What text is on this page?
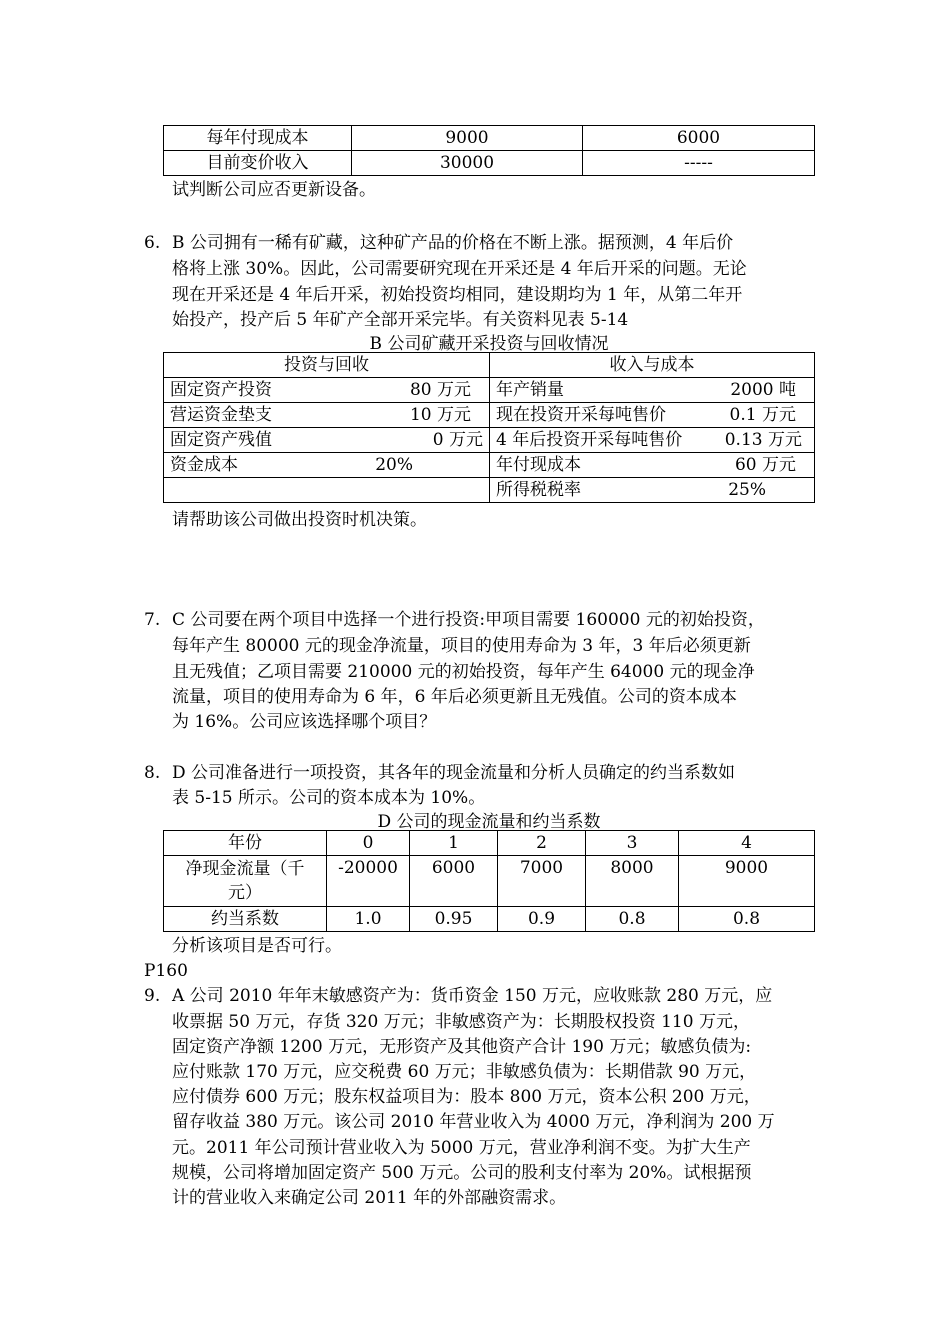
每年付现成本	9000	6000
目前变价收入	30000	-----
试判断公司应否更新设备。
6. B 公司拥有一稀有矿藏，这种矿产品的价格在不断上涨。据预测，4 年后价
格将上涨 30%。因此，公司需要研究现在开采还是 4 年后开采的问题。无论
现在开采还是 4 年后开采，初始投资均相同，建设期均为 1 年，从第二年开
始投产，投产后 5 年矿产全部开采完毕。有关资料见表 5-14
B 公司矿藏开采投资与回收情况
投资与回收	收入与成本

固定资产投资 80 万元	年产销量 2000 吨

营运资金垫支 10 万元	现在投资开采每吨售价 0.1 万元

固定资产残值 0 万元	4 年后投资开采每吨售价 0.13 万元

资金成本 20%	年付现成本 60 万元

	所得税税率 25%
请帮助该公司做出投资时机决策。
7. C 公司要在两个项目中选择一个进行投资:甲项目需要 160000 元的初始投资，
每年产生 80000 元的现金净流量，项目的使用寿命为 3 年，3 年后必须更新
且无残值；乙项目需要 210000 元的初始投资，每年产生 64000 元的现金净
流量，项目的使用寿命为 6 年，6 年后必须更新且无残值。公司的资本成本
为 16%。公司应该选择哪个项目？
8. D 公司准备进行一项投资，其各年的现金流量和分析人员确定的约当系数如
表 5-15 所示。公司的资本成本为 10%。
D 公司的现金流量和约当系数
年份	0	1	2	3	4

净现金流量（千
元）	-20000	6000	7000	8000	9000
约当系数	1.0	0.95	0.9	0.8	0.8
分析该项目是否可行。
P160
9. A 公司 2010 年年末敏感资产为：货币资金 150 万元，应收账款 280 万元，应
收票据 50 万元，存货 320 万元；非敏感资产为：长期股权投资 110 万元，
固定资产净额 1200 万元，无形资产及其他资产合计 190 万元；敏感负债为:
应付账款 170 万元，应交税费 60 万元；非敏感负债为：长期借款 90 万元，
应付债券 600 万元；股东权益项目为：股本 800 万元，资本公积 200 万元，
留存收益 380 万元。该公司 2010 年营业收入为 4000 万元，净利润为 200 万
元。2011 年公司预计营业收入为 5000 万元，营业净利润不变。为扩大生产
规模，公司将增加固定资产 500 万元。公司的股利支付率为 20%。试根据预
计的营业收入来确定公司 2011 年的外部融资需求。
